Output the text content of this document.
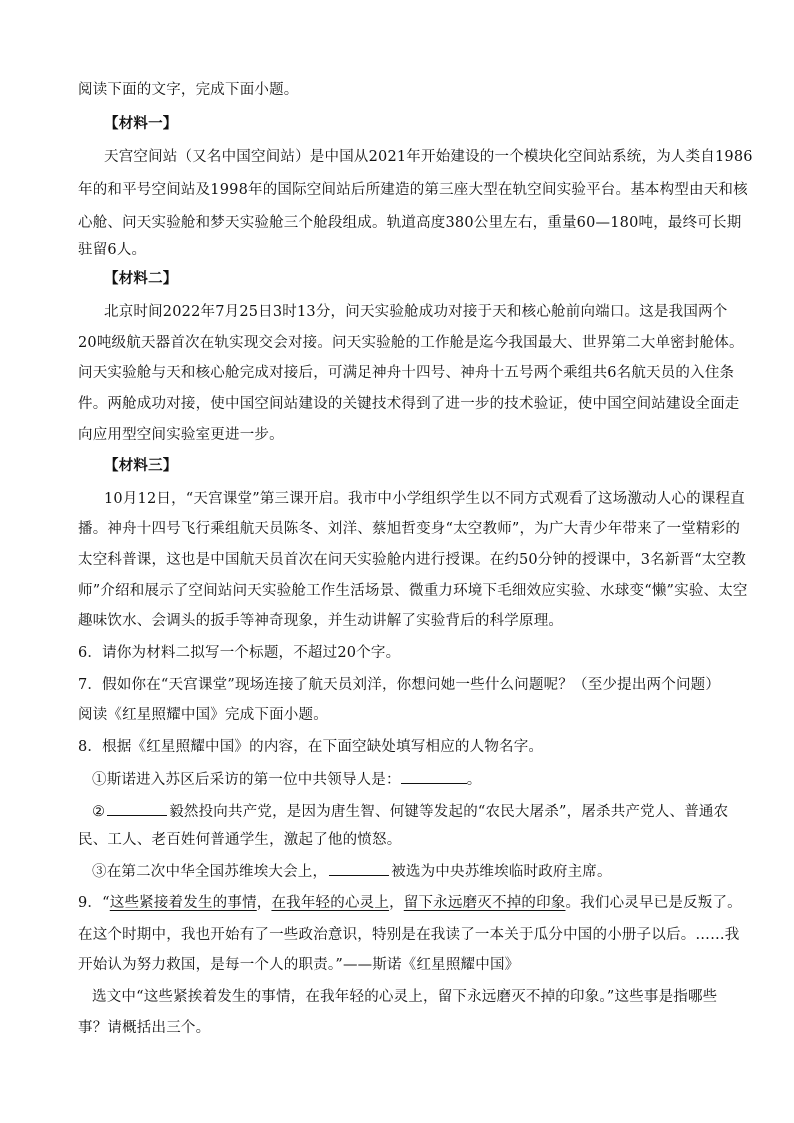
阅读下面的文字，完成下面小题。
【材料一】
天宫空间站（又名中国空间站）是中国从2021年开始建设的一个模块化空间站系统，为人类自1986
年的和平号空间站及1998年的国际空间站后所建造的第三座大型在轨空间实验平台。基本构型由天和核
心舱、问天实验舱和梦天实验舱三个舱段组成。轨道高度380公里左右，重量60—180吨，最终可长期
驻留6人。
【材料二】
北京时间2022年7月25日3时13分，问天实验舱成功对接于天和核心舱前向端口。这是我国两个
20吨级航天器首次在轨实现交会对接。问天实验舱的工作舱是迄今我国最大、世界第二大单密封舱体。
问天实验舱与天和核心舱完成对接后，可满足神舟十四号、神舟十五号两个乘组共6名航天员的入住条
件。两舱成功对接，使中国空间站建设的关键技术得到了进一步的技术验证，使中国空间站建设全面走
向应用型空间实验室更进一步。
【材料三】
10月12日，“天宫课堂”第三课开启。我市中小学组织学生以不同方式观看了这场激动人心的课程直
播。神舟十四号飞行乘组航天员陈冬、刘洋、蔡旭哲变身“太空教师”，为广大青少年带来了一堂精彩的
太空科普课，这也是中国航天员首次在问天实验舱内进行授课。在约50分钟的授课中，3名新晋“太空教
师”介绍和展示了空间站问天实验舱工作生活场景、微重力环境下毛细效应实验、水球变“懒”实验、太空
趣味饮水、会调头的扳手等神奇现象，并生动讲解了实验背后的科学原理。
6．请你为材料二拟写一个标题，不超过20个字。
7．假如你在“天宫课堂”现场连接了航天员刘洋，你想问她一些什么问题呢？（至少提出两个问题）
阅读《红星照耀中国》完成下面小题。
8．根据《红星照耀中国》的内容，在下面空缺处填写相应的人物名字。
①斯诺进入苏区后采访的第一位中共领导人是：	。
②	毅然投向共产党，是因为唐生智、何键等发起的“农民大屠杀”，屠杀共产党人、普通农
民、工人、老百姓何普通学生，激起了他的愤怒。
③在第二次中华全国苏维埃大会上，	被选为中央苏维埃临时政府主席。
9．“这些紧接着发生的事情，在我年轻的心灵上，留下永远磨灭不掉的印象。我们心灵早已是反叛了。
在这个时期中，我也开始有了一些政治意识，特别是在我读了一本关于瓜分中国的小册子以后。……我
开始认为努力救国，是每一个人的职责。”——斯诺《红星照耀中国》
选文中“这些紧挨着发生的事情，在我年轻的心灵上，留下永远磨灭不掉的印象。”这些事是指哪些
事？请概括出三个。
